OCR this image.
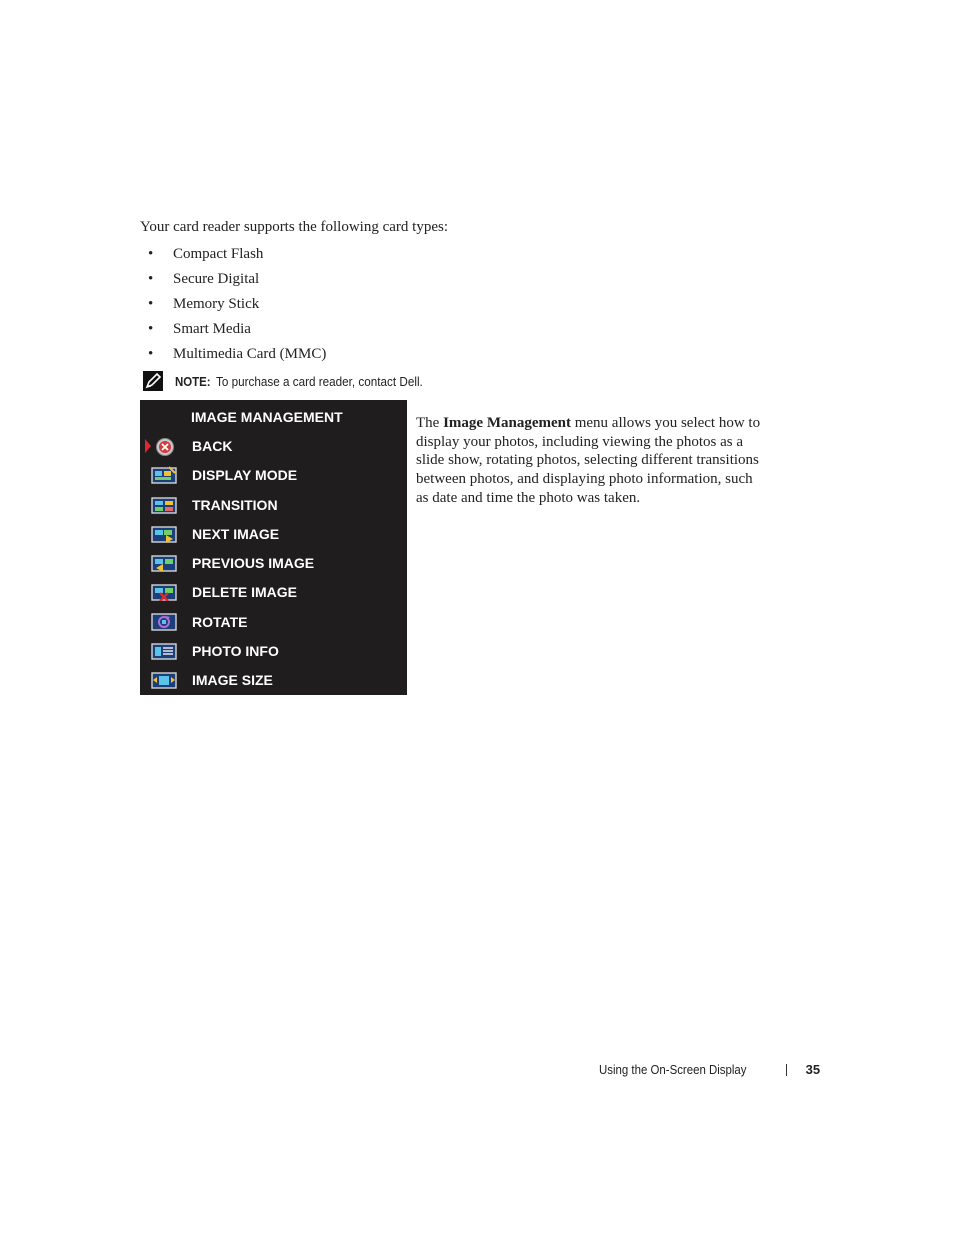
Your card reader supports the following card types:
•	Compact Flash
•	Secure Digital
•	Memory Stick
•	Smart Media
•	Multimedia Card (MMC)
NOTE: To purchase a card reader, contact Dell.
IMAGE MANAGEMENT
BACK
DISPLAY MODE
TRANSITION
NEXT IMAGE
PREVIOUS IMAGE
DELETE IMAGE
ROTATE
PHOTO INFO
IMAGE SIZE
The Image Management menu allows you select how to display your photos, including viewing the photos as a slide show, rotating photos, selecting different transitions between photos, and displaying photo information, such as date and time the photo was taken.
Using the On-Screen Display	35
